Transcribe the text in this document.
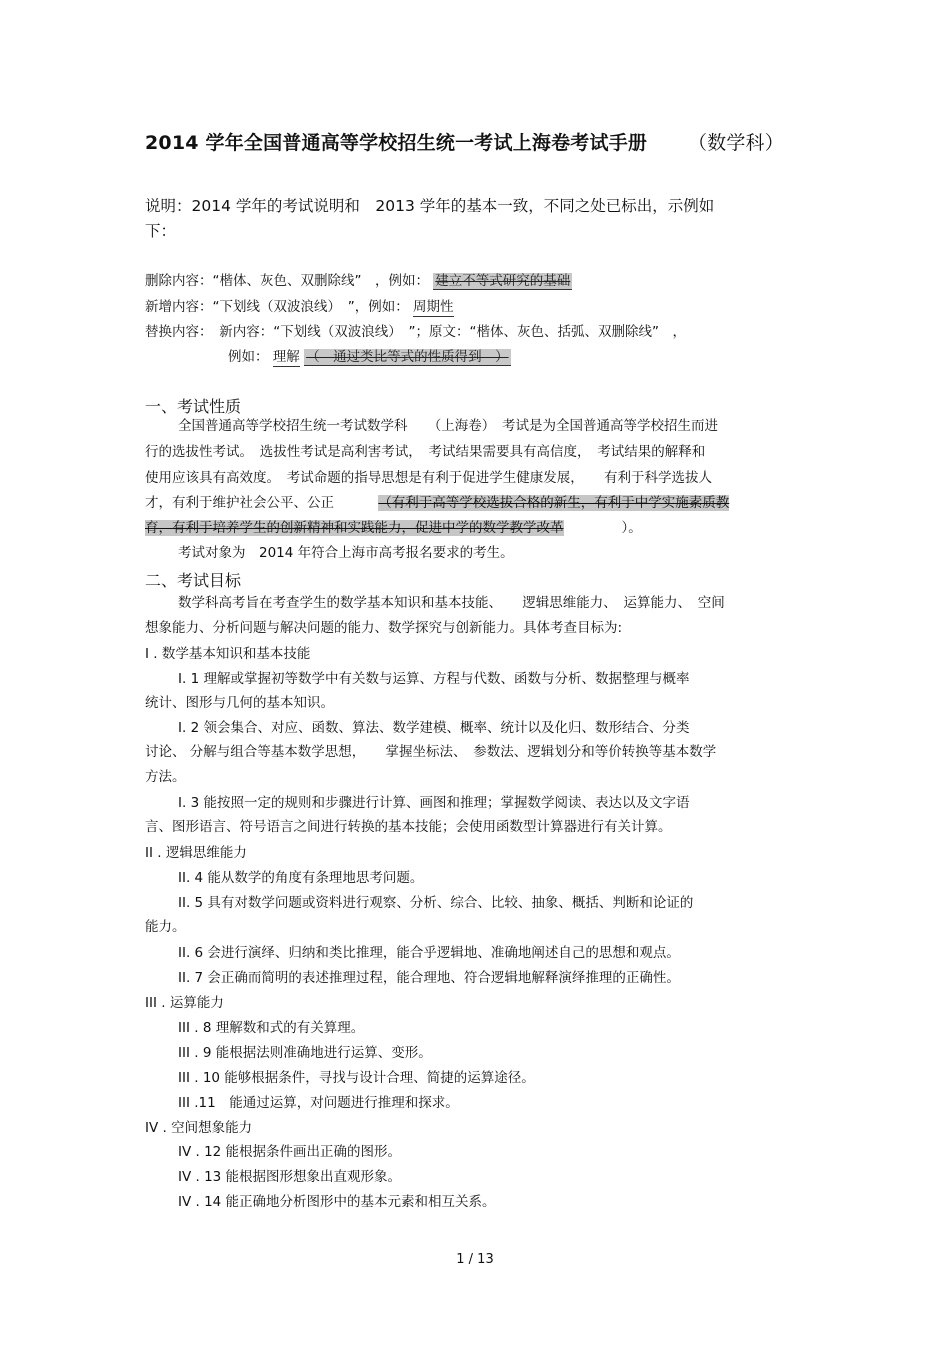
2014 学年全国普通高等学校招生统一考试上海卷考试手册 （数学科）
说明：2014 学年的考试说明和　2013 学年的基本一致，不同之处已标出，示例如
下：
删除内容：“楷体、灰色、双删除线”　，例如： 建立不等式研究的基础
新增内容：“下划线（双波浪线）　”，例如： 周期性
替换内容：　新内容：“下划线（双波浪线）　”；原文：“楷体、灰色、括弧、双删除线”　，
例如： 理解 （　通过类比等式的性质得到　）
一、考试性质
全国普通高等学校招生统一考试数学科　　（上海卷）　考试是为全国普通高等学校招生而进
行的选拔性考试。　选拔性考试是高利害考试，　考试结果需要具有高信度，　考试结果的解释和
使用应该具有高效度。　考试命题的指导思想是有利于促进学生健康发展，　　有利于科学选拔人
才，有利于维护社会公平、公正	（有利于高等学校选拔合格的新生，有利于中学实施素质教
育，有利于培养学生的创新精神和实践能力，促进中学的数学教学改革	）。
考试对象为　2014 年符合上海市高考报名要求的考生。
二、考试目标
数学科高考旨在考查学生的数学基本知识和基本技能、　　逻辑思维能力、　运算能力、　空间
想象能力、分析问题与解决问题的能力、数学探究与创新能力。具体考查目标为:
I . 数学基本知识和基本技能
I. 1 理解或掌握初等数学中有关数与运算、方程与代数、函数与分析、数据整理与概率
统计、图形与几何的基本知识。
I. 2 领会集合、对应、函数、算法、数学建模、概率、统计以及化归、数形结合、分类
讨论、 分解与组合等基本数学思想，　　掌握坐标法、　参数法、逻辑划分和等价转换等基本数学
方法。
I. 3 能按照一定的规则和步骤进行计算、画图和推理；掌握数学阅读、表达以及文字语
言、图形语言、符号语言之间进行转换的基本技能；会使用函数型计算器进行有关计算。
II . 逻辑思维能力
II. 4 能从数学的角度有条理地思考问题。
II. 5 具有对数学问题或资料进行观察、分析、综合、比较、抽象、概括、判断和论证的
能力。
II. 6 会进行演绎、归纳和类比推理，能合乎逻辑地、准确地阐述自己的思想和观点。
II. 7 会正确而简明的表述推理过程，能合理地、符合逻辑地解释演绎推理的正确性。
III . 运算能力
III . 8 理解数和式的有关算理。
III . 9 能根据法则准确地进行运算、变形。
III . 10 能够根据条件，寻找与设计合理、简捷的运算途径。
III .11　能通过运算，对问题进行推理和探求。
IV . 空间想象能力
IV . 12 能根据条件画出正确的图形。
IV . 13 能根据图形想象出直观形象。
IV . 14 能正确地分析图形中的基本元素和相互关系。
1 / 13
